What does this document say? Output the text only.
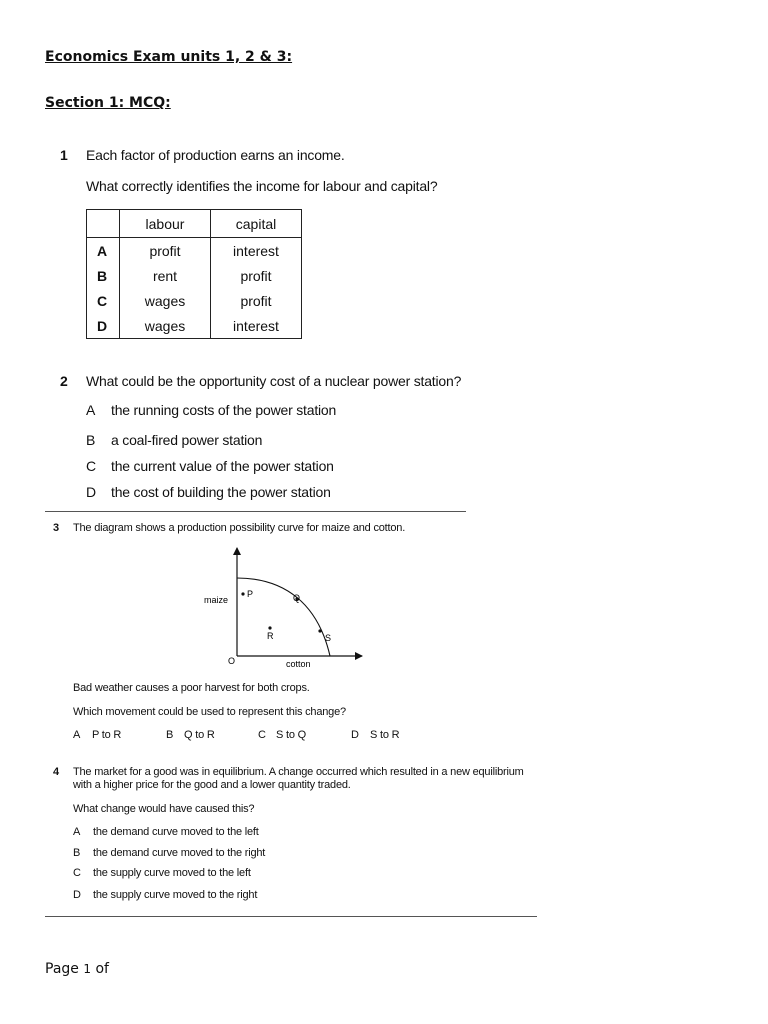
Economics Exam units 1, 2 & 3:
Section 1: MCQ:
1 Each factor of production earns an income.
What correctly identifies the income for labour and capital?
	labour	capital
A	profit	interest
B	rent	profit
C	wages	profit
D	wages	interest
2 What could be the opportunity cost of a nuclear power station?
A the running costs of the power station
B a coal-fired power station
C the current value of the power station
D the cost of building the power station
3 The diagram shows a production possibility curve for maize and cotton.
maize
P	Q
R	S
O	cotton
Bad weather causes a poor harvest for both crops.
Which movement could be used to represent this change?
A P to R	B Q to R	C S to Q	D S to R
4 The market for a good was in equilibrium. A change occurred which resulted in a new equilibrium
with a higher price for the good and a lower quantity traded.
What change would have caused this?
A the demand curve moved to the left
B the demand curve moved to the right
C the supply curve moved to the left
D the supply curve moved to the right
Page 1 of
